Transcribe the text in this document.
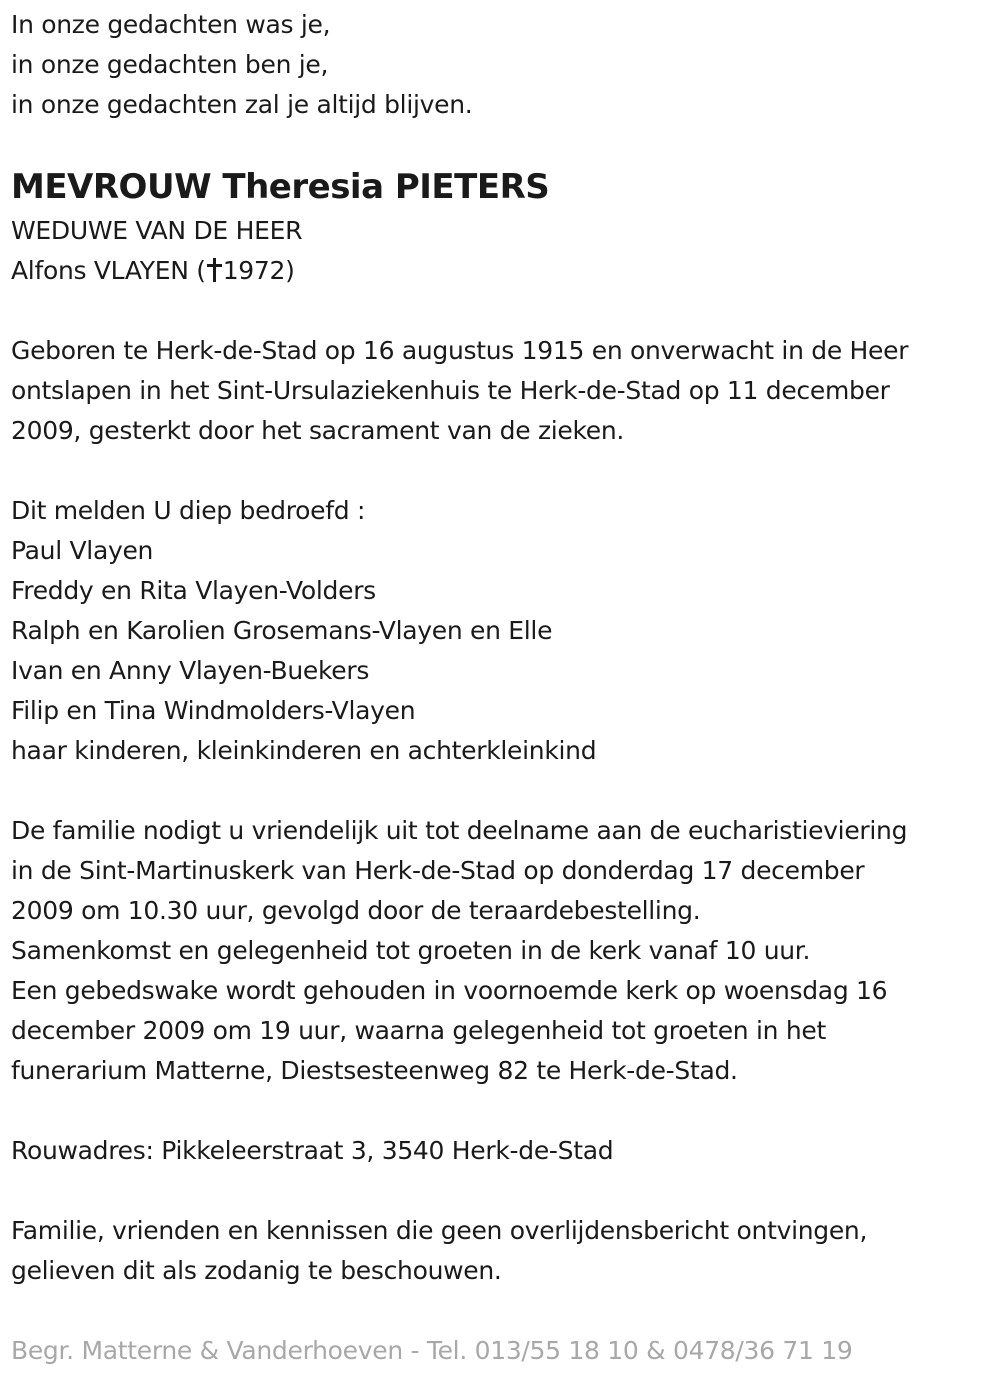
In onze gedachten was je,
in onze gedachten ben je,
in onze gedachten zal je altijd blijven.
MEVROUW Theresia PIETERS
WEDUWE VAN DE HEER
Alfons VLAYEN ( 1972)
Geboren te Herk-de-Stad op 16 augustus 1915 en onverwacht in de Heer
ontslapen in het Sint-Ursulaziekenhuis te Herk-de-Stad op 11 december
2009, gesterkt door het sacrament van de zieken.
Dit melden U diep bedroefd :
Paul Vlayen
Freddy en Rita Vlayen-Volders
Ralph en Karolien Grosemans-Vlayen en Elle
Ivan en Anny Vlayen-Buekers
Filip en Tina Windmolders-Vlayen
haar kinderen, kleinkinderen en achterkleinkind
De familie nodigt u vriendelijk uit tot deelname aan de eucharistieviering
in de Sint-Martinuskerk van Herk-de-Stad op donderdag 17 december
2009 om 10.30 uur, gevolgd door de teraardebestelling.
Samenkomst en gelegenheid tot groeten in de kerk vanaf 10 uur.
Een gebedswake wordt gehouden in voornoemde kerk op woensdag 16
december 2009 om 19 uur, waarna gelegenheid tot groeten in het
funerarium Matterne, Diestsesteenweg 82 te Herk-de-Stad.
Rouwadres: Pikkeleerstraat 3, 3540 Herk-de-Stad
Familie, vrienden en kennissen die geen overlijdensbericht ontvingen,
gelieven dit als zodanig te beschouwen.
Begr. Matterne & Vanderhoeven - Tel. 013/55 18 10 & 0478/36 71 19
